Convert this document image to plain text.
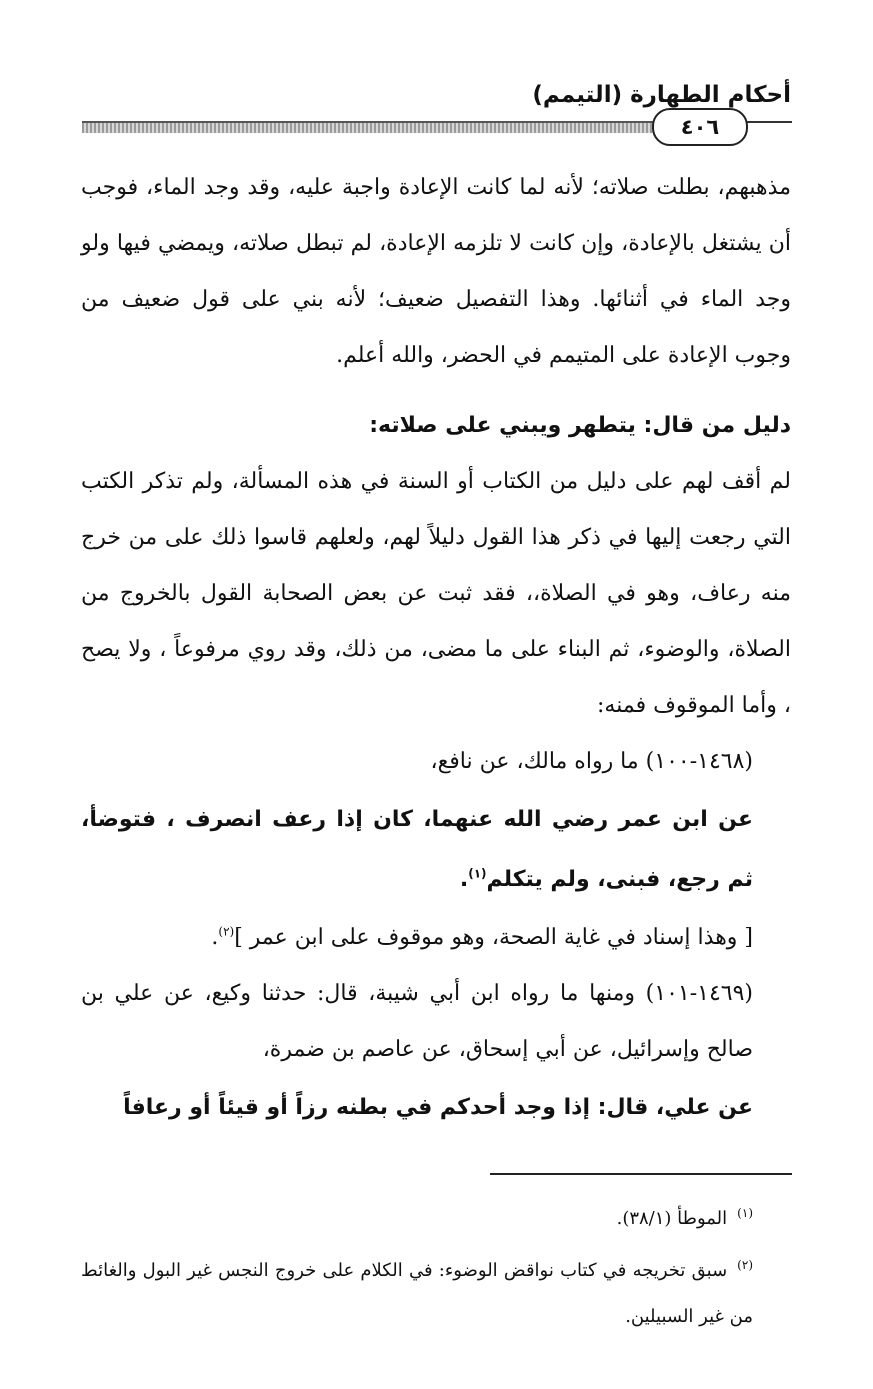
أحكام الطهارة (التيمم)
٤٠٦

مذهبهم، بطلت صلاته؛ لأنه لما كانت الإعادة واجبة عليه، وقد وجد الماء، فوجب أن يشتغل بالإعادة، وإن كانت لا تلزمه الإعادة، لم تبطل صلاته، ويمضي فيها ولو وجد الماء في أثنائها. وهذا التفصيل ضعيف؛ لأنه بني على قول ضعيف من وجوب الإعادة على المتيمم في الحضر، والله أعلم.

دليل من قال: يتطهر ويبني على صلاته:

لم أقف لهم على دليل من الكتاب أو السنة في هذه المسألة، ولم تذكر الكتب التي رجعت إليها في ذكر هذا القول دليلاً لهم، ولعلهم قاسوا ذلك على من خرج منه رعاف، وهو في الصلاة،، فقد ثبت عن بعض الصحابة القول بالخروج من الصلاة، والوضوء، ثم البناء على ما مضى، من ذلك، وقد روي مرفوعاً ، ولا يصح ، وأما الموقوف فمنه:

(١٤٦٨-١٠٠) ما رواه مالك، عن نافع،

عن ابن عمر رضي الله عنهما، كان إذا رعف انصرف ، فتوضأ، ثم رجع، فبنى، ولم يتكلم$^{(١)}$.

[ وهذا إسناد في غاية الصحة، وهو موقوف على ابن عمر ]$^{(٢)}$.

(١٤٦٩-١٠١) ومنها ما رواه ابن أبي شيبة، قال: حدثنا وكيع، عن علي بن صالح وإسرائيل، عن أبي إسحاق، عن عاصم بن ضمرة،

عن علي، قال: إذا وجد أحدكم في بطنه رزاً أو قيئاً أو رعافاً

$^{(١)}$الموطأ (٣٨/١).

$^{(٢)}$سبق تخريجه في كتاب نواقض الوضوء: في الكلام على خروج النجس غير البول والغائط من غير السبيلين.
